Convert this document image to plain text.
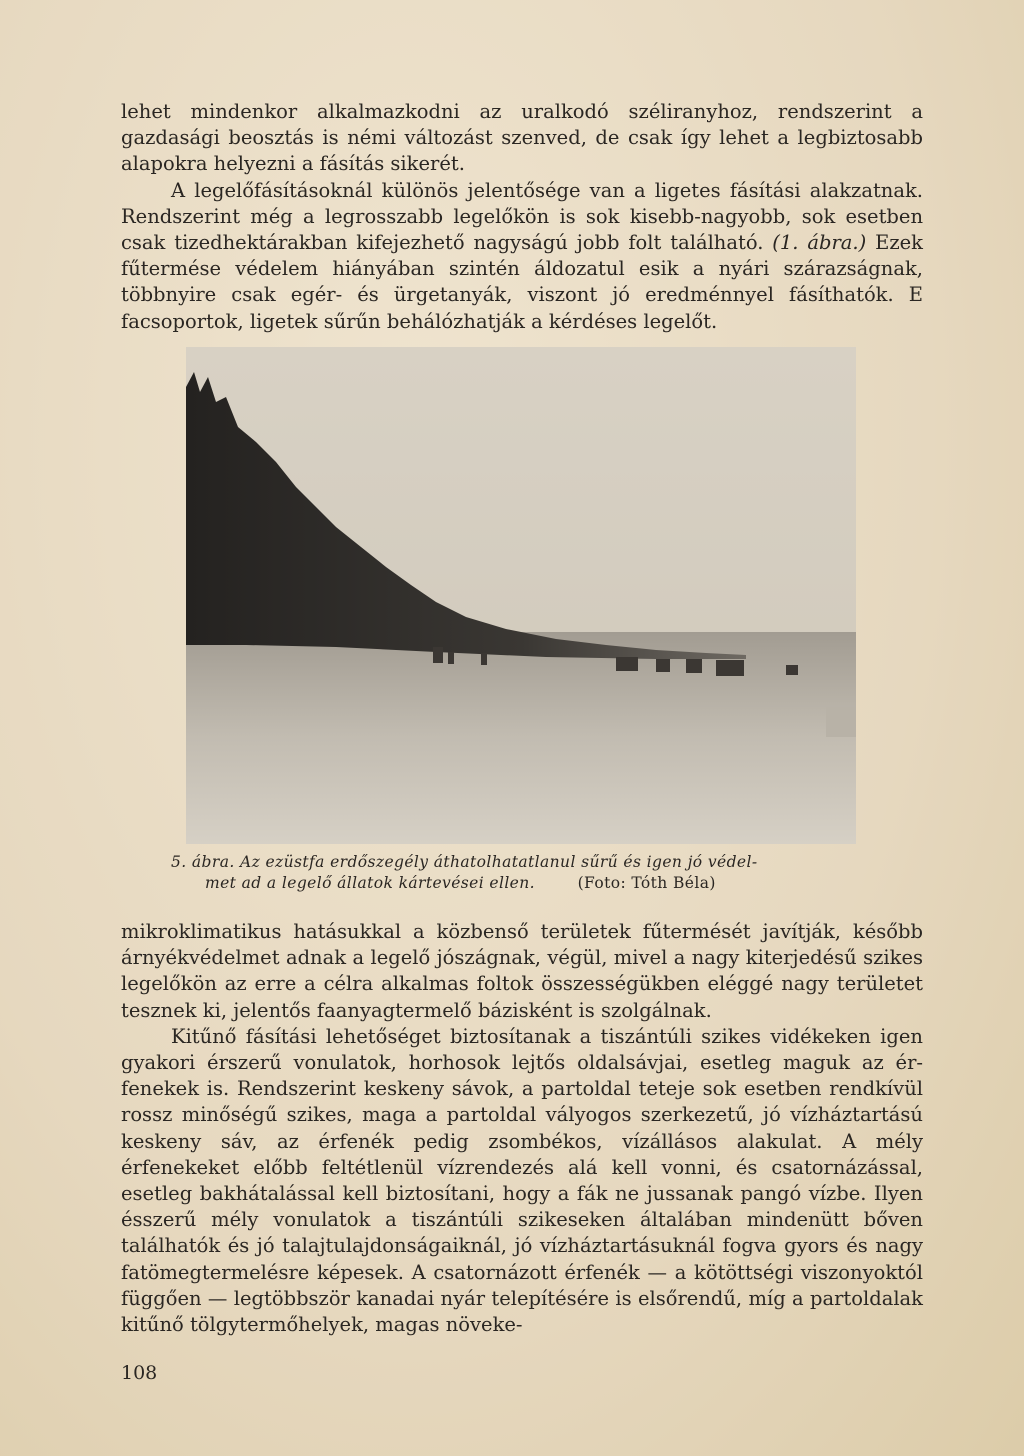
lehet mindenkor alkalmazkodni az uralkodó széliranyhoz, rendszerint a gazdasági beosztás is némi változást szenved, de csak így lehet a legbiztosabb alapokra helyezni a fásítás sikerét.

A legelőfásításoknál különös jelentősége van a ligetes fásítási alakzatnak. Rendszerint még a legrosszabb legelőkön is sok kisebb-nagyobb, sok esetben csak tizedhektárakban kifejezhető nagyságú jobb folt található. (1. ábra.) Ezek fűtermése védelem hiányában szintén áldozatul esik a nyári szárazságnak, többnyire csak egér- és ürgetanyák, viszont jó eredménnyel fásíthatók. E facsoportok, ligetek sűrűn behálózhatják a kérdéses legelőt.

5. ábra. Az ezüstfa erdőszegély áthatolhatatlanul sűrű és igen jó védel-
met ad a legelő állatok kártevései ellen.	(Foto: Tóth Béla)

mikroklimatikus hatásukkal a közbenső területek fűtermését javítják, később árnyékvédelmet adnak a legelő jószágnak, végül, mivel a nagy kiterjedésű szikes legelőkön az erre a célra alkalmas foltok összességükben eléggé nagy területet tesznek ki, jelentős faanyagtermelő bázisként is szolgálnak.

Kitűnő fásítási lehetőséget biztosítanak a tiszántúli szikes vidékeken igen gyakori érszerű vonulatok, horhosok lejtős oldalsávjai, esetleg maguk az ér-fenekek is. Rendszerint keskeny sávok, a partoldal teteje sok esetben rendkívül rossz minőségű szikes, maga a partoldal vályogos szerkezetű, jó vízháztartású keskeny sáv, az érfenék pedig zsombékos, vízállásos alakulat. A mély érfenekeket előbb feltétlenül vízrendezés alá kell vonni, és csatornázással, esetleg bakhátalással kell biztosítani, hogy a fák ne jussanak pangó vízbe. Ilyen ésszerű mély vonulatok a tiszántúli szikeseken általában mindenütt bőven találhatók és jó talajtulajdonságaiknál, jó vízháztartásuknál fogva gyors és nagy fatömegtermelésre képesek. A csatornázott érfenék — a kötöttségi viszonyoktól függően — legtöbbször kanadai nyár telepítésére is elsőrendű, míg a partoldalak kitűnő tölgytermőhelyek, magas növeke-

108
